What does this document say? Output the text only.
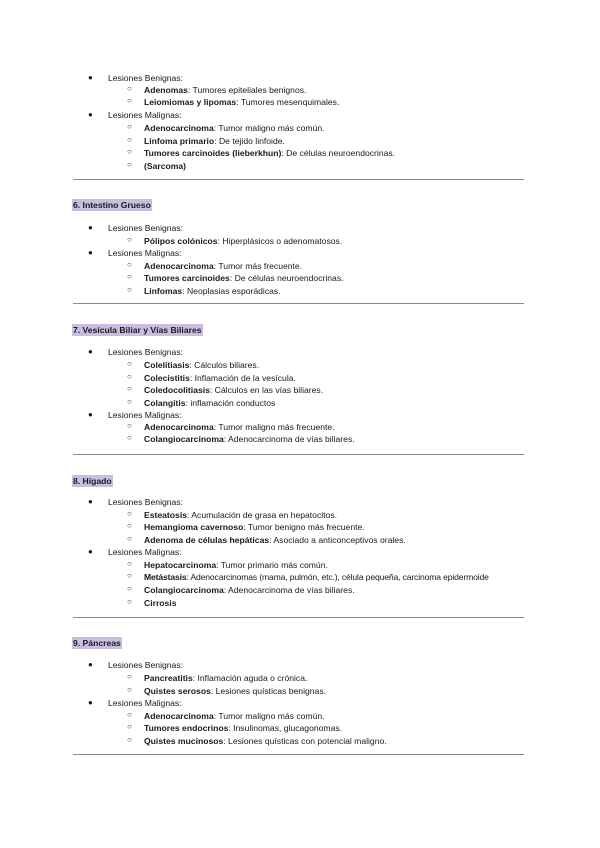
● Lesiones Benignas:
○ Adenomas: Tumores epiteliales benignos.
○ Leiomiomas y lipomas: Tumores mesenquimales.
● Lesiones Malignas:
○ Adenocarcinoma: Tumor maligno más común.
○ Linfoma primario: De tejido linfoide.
○ Tumores carcinoides (lieberkhun): De células neuroendocrinas.
○ (Sarcoma)
6. Intestino Grueso
● Lesiones Benignas:
○ Pólipos colónicos: Hiperplásicos o adenomatosos.
● Lesiones Malignas:
○ Adenocarcinoma: Tumor más frecuente.
○ Tumores carcinoides: De células neuroendocrinas.
○ Linfomas: Neoplasias esporádicas.
7. Vesícula Biliar y Vías Biliares
● Lesiones Benignas:
○ Colelitiasis: Cálculos biliares.
○ Colecistitis: Inflamación de la vesícula.
○ Coledocolitiasis: Cálculos en las vías biliares.
○ Colangitis: inflamación conductos
● Lesiones Malignas:
○ Adenocarcinoma: Tumor maligno más frecuente.
○ Colangiocarcinoma: Adenocarcinoma de vías biliares.
8. Hígado
● Lesiones Benignas:
○ Esteatosis: Acumulación de grasa en hepatocitos.
○ Hemangioma cavernoso: Tumor benigno más frecuente.
○ Adenoma de células hepáticas: Asociado a anticonceptivos orales.
● Lesiones Malignas:
○ Hepatocarcinoma: Tumor primario más común.
○ Metástasis: Adenocarcinomas (mama, pulmón, etc.), célula pequeña, carcinoma epidermoide
○ Colangiocarcinoma: Adenocarcinoma de vías biliares.
○ Cirrosis
9. Páncreas
● Lesiones Benignas:
○ Pancreatitis: Inflamación aguda o crónica.
○ Quistes serosos: Lesiones quísticas benignas.
● Lesiones Malignas:
○ Adenocarcinoma: Tumor maligno más común.
○ Tumores endocrinos: Insulinomas, glucagonomas.
○ Quistes mucinosos: Lesiones quísticas con potencial maligno.
